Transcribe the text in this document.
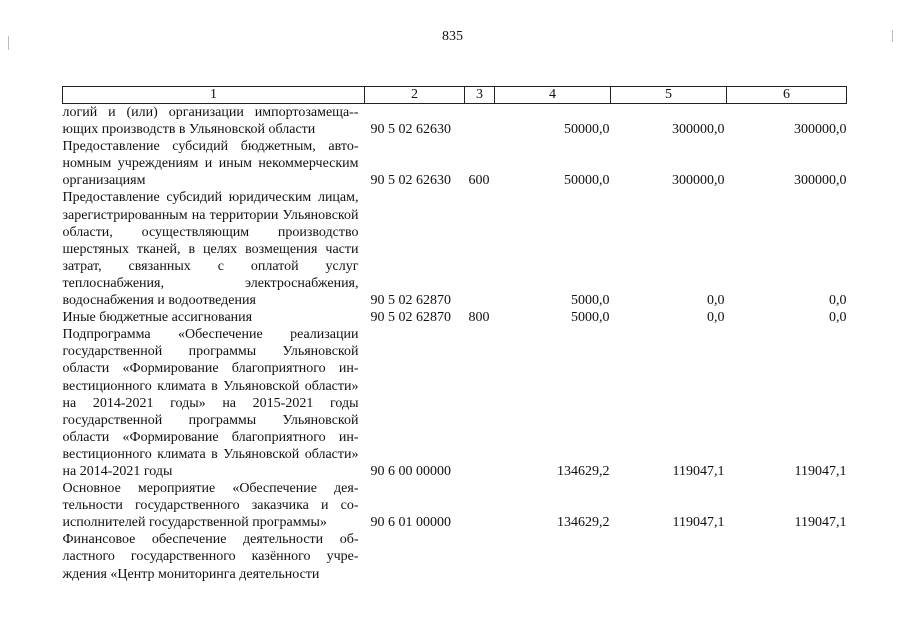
835
1	2	3	4	5	6
логий и (или) организации импортозамеща-ющих производств в Ульяновской области	90 5 02 62630		50000,0	300000,0	300000,0
Предоставление субсидий бюджетным, автономным учреждениям и иным некоммерческим организациям	90 5 02 62630	600	50000,0	300000,0	300000,0
Предоставление субсидий юридическим лицам, зарегистрированным на территории Ульяновской области, осуществляющим производство шерстяных тканей, в целях возмещения части затрат, связанных с оплатой услуг теплоснабжения, электроснабжения, водоснабжения и водоотведения	90 5 02 62870		5000,0	0,0	0,0
Иные бюджетные ассигнования	90 5 02 62870	800	5000,0	0,0	0,0
Подпрограмма «Обеспечение реализации государственной программы Ульяновской области «Формирование благоприятного инвестиционного климата в Ульяновской области» на 2014-2021 годы» на 2015-2021 годы государственной программы Ульяновской области «Формирование благоприятного инвестиционного климата в Ульяновской области» на 2014-2021 годы	90 6 00 00000		134629,2	119047,1	119047,1
Основное мероприятие «Обеспечение деятельности государственного заказчика и соисполнителей государственной программы»	90 6 01 00000		134629,2	119047,1	119047,1
Финансовое обеспечение деятельности областного государственного казённого учреждения «Центр мониторинга деятельности					
